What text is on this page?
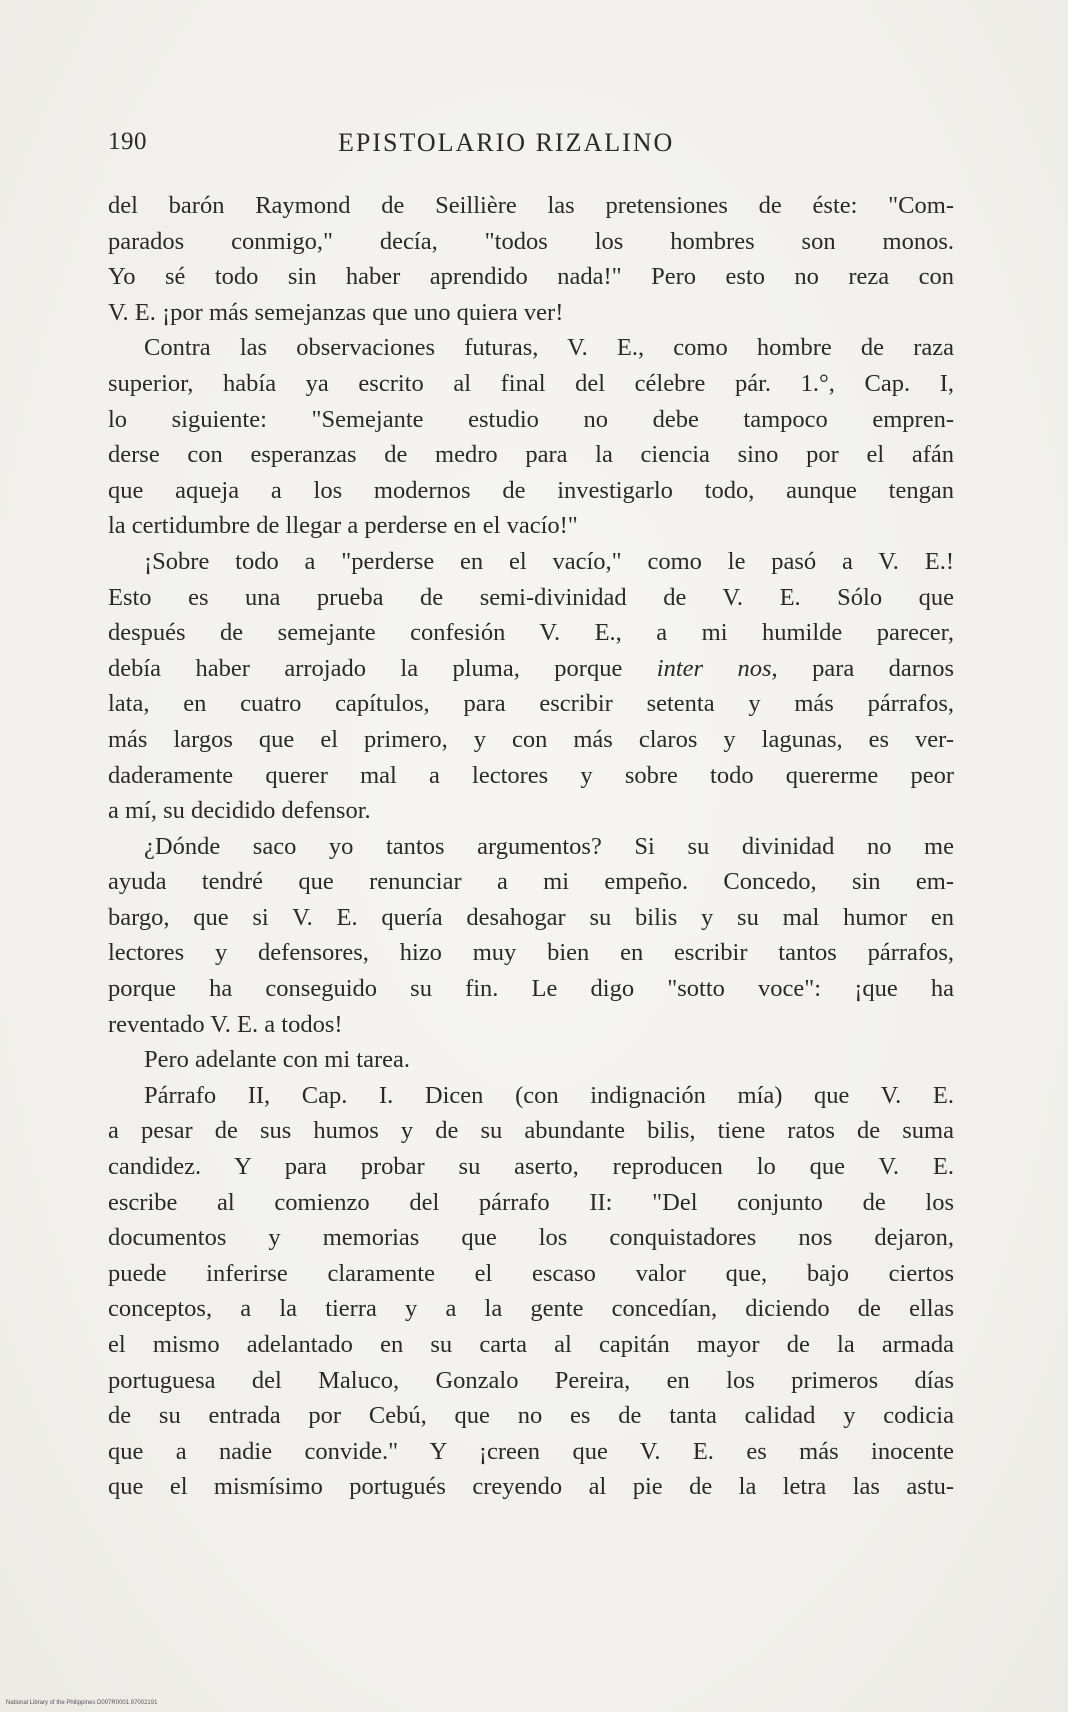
190	EPISTOLARIO RIZALINO
del barón Raymond de Seillière las pretensiones de éste: "Com-
parados conmigo," decía, "todos los hombres son monos.
Yo sé todo sin haber aprendido nada!" Pero esto no reza con
V. E. ¡por más semejanzas que uno quiera ver!
Contra las observaciones futuras, V. E., como hombre de raza
superior, había ya escrito al final del célebre pár. 1.°, Cap. I,
lo siguiente: "Semejante estudio no debe tampoco empren-
derse con esperanzas de medro para la ciencia sino por el afán
que aqueja a los modernos de investigarlo todo, aunque tengan
la certidumbre de llegar a perderse en el vacío!"
¡Sobre todo a "perderse en el vacío," como le pasó a V. E.!
Esto es una prueba de semi-divinidad de V. E. Sólo que
después de semejante confesión V. E., a mi humilde parecer,
debía haber arrojado la pluma, porque inter nos, para darnos
lata, en cuatro capítulos, para escribir setenta y más párrafos,
más largos que el primero, y con más claros y lagunas, es ver-
daderamente querer mal a lectores y sobre todo quererme peor
a mí, su decidido defensor.
¿Dónde saco yo tantos argumentos? Si su divinidad no me
ayuda tendré que renunciar a mi empeño. Concedo, sin em-
bargo, que si V. E. quería desahogar su bilis y su mal humor en
lectores y defensores, hizo muy bien en escribir tantos párrafos,
porque ha conseguido su fin. Le digo "sotto voce": ¡que ha
reventado V. E. a todos!
Pero adelante con mi tarea.
Párrafo II, Cap. I. Dicen (con indignación mía) que V. E.
a pesar de sus humos y de su abundante bilis, tiene ratos de suma
candidez. Y para probar su aserto, reproducen lo que V. E.
escribe al comienzo del párrafo II: "Del conjunto de los
documentos y memorias que los conquistadores nos dejaron,
puede inferirse claramente el escaso valor que, bajo ciertos
conceptos, a la tierra y a la gente concedían, diciendo de ellas
el mismo adelantado en su carta al capitán mayor de la armada
portuguesa del Maluco, Gonzalo Pereira, en los primeros días
de su entrada por Cebú, que no es de tanta calidad y codicia
que a nadie convide." Y ¡creen que V. E. es más inocente
que el mismísimo portugués creyendo al pie de la letra las astu-
National Library of the Philippines D007R0001.97002191
